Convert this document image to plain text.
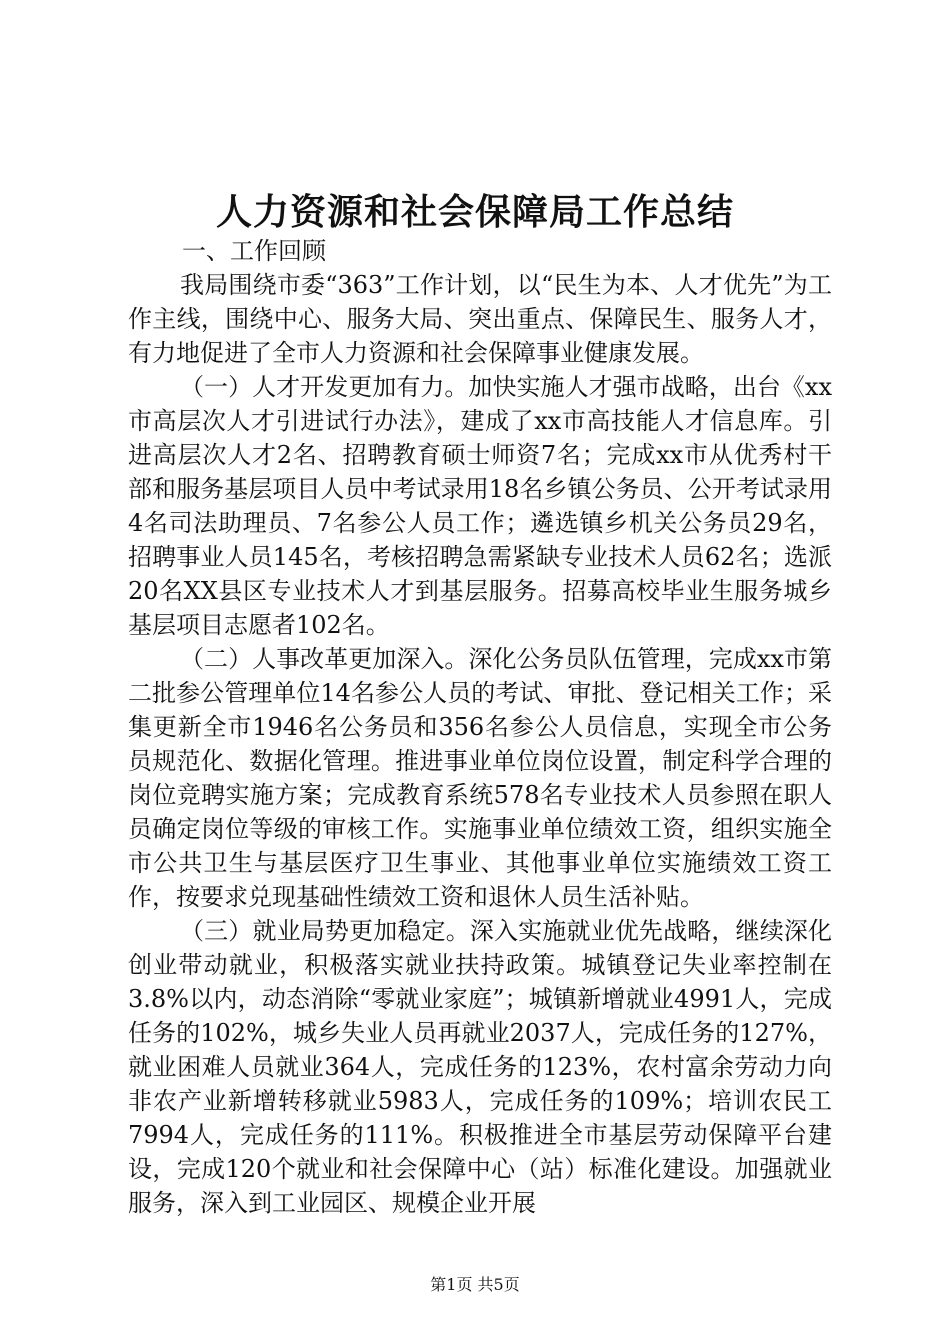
人力资源和社会保障局工作总结

一、工作回顾

我局围绕市委“363”工作计划，以“民生为本、人才优先”为工作主线，围绕中心、服务大局、突出重点、保障民生、服务人才，有力地促进了全市人力资源和社会保障事业健康发展。

（一）人才开发更加有力。加快实施人才强市战略，出台《xx市高层次人才引进试行办法》，建成了xx市高技能人才信息库。引进高层次人才2名、招聘教育硕士师资7名；完成xx市从优秀村干部和服务基层项目人员中考试录用18名乡镇公务员、公开考试录用4名司法助理员、7名参公人员工作；遴选镇乡机关公务员29名，招聘事业人员145名，考核招聘急需紧缺专业技术人员62名；选派20名XX县区专业技术人才到基层服务。招募高校毕业生服务城乡基层项目志愿者102名。

（二）人事改革更加深入。深化公务员队伍管理，完成xx市第二批参公管理单位14名参公人员的考试、审批、登记相关工作；采集更新全市1946名公务员和356名参公人员信息，实现全市公务员规范化、数据化管理。推进事业单位岗位设置，制定科学合理的岗位竞聘实施方案；完成教育系统578名专业技术人员参照在职人员确定岗位等级的审核工作。实施事业单位绩效工资，组织实施全市公共卫生与基层医疗卫生事业、其他事业单位实施绩效工资工作，按要求兑现基础性绩效工资和退休人员生活补贴。

（三）就业局势更加稳定。深入实施就业优先战略，继续深化创业带动就业，积极落实就业扶持政策。城镇登记失业率控制在3.8%以内，动态消除“零就业家庭”；城镇新增就业4991人，完成任务的102%，城乡失业人员再就业2037人，完成任务的127%，就业困难人员就业364人，完成任务的123%，农村富余劳动力向非农产业新增转移就业5983人，完成任务的109%；培训农民工7994人，完成任务的111%。积极推进全市基层劳动保障平台建设，完成120个就业和社会保障中心（站）标准化建设。加强就业服务，深入到工业园区、规模企业开展

第1页 共5页
